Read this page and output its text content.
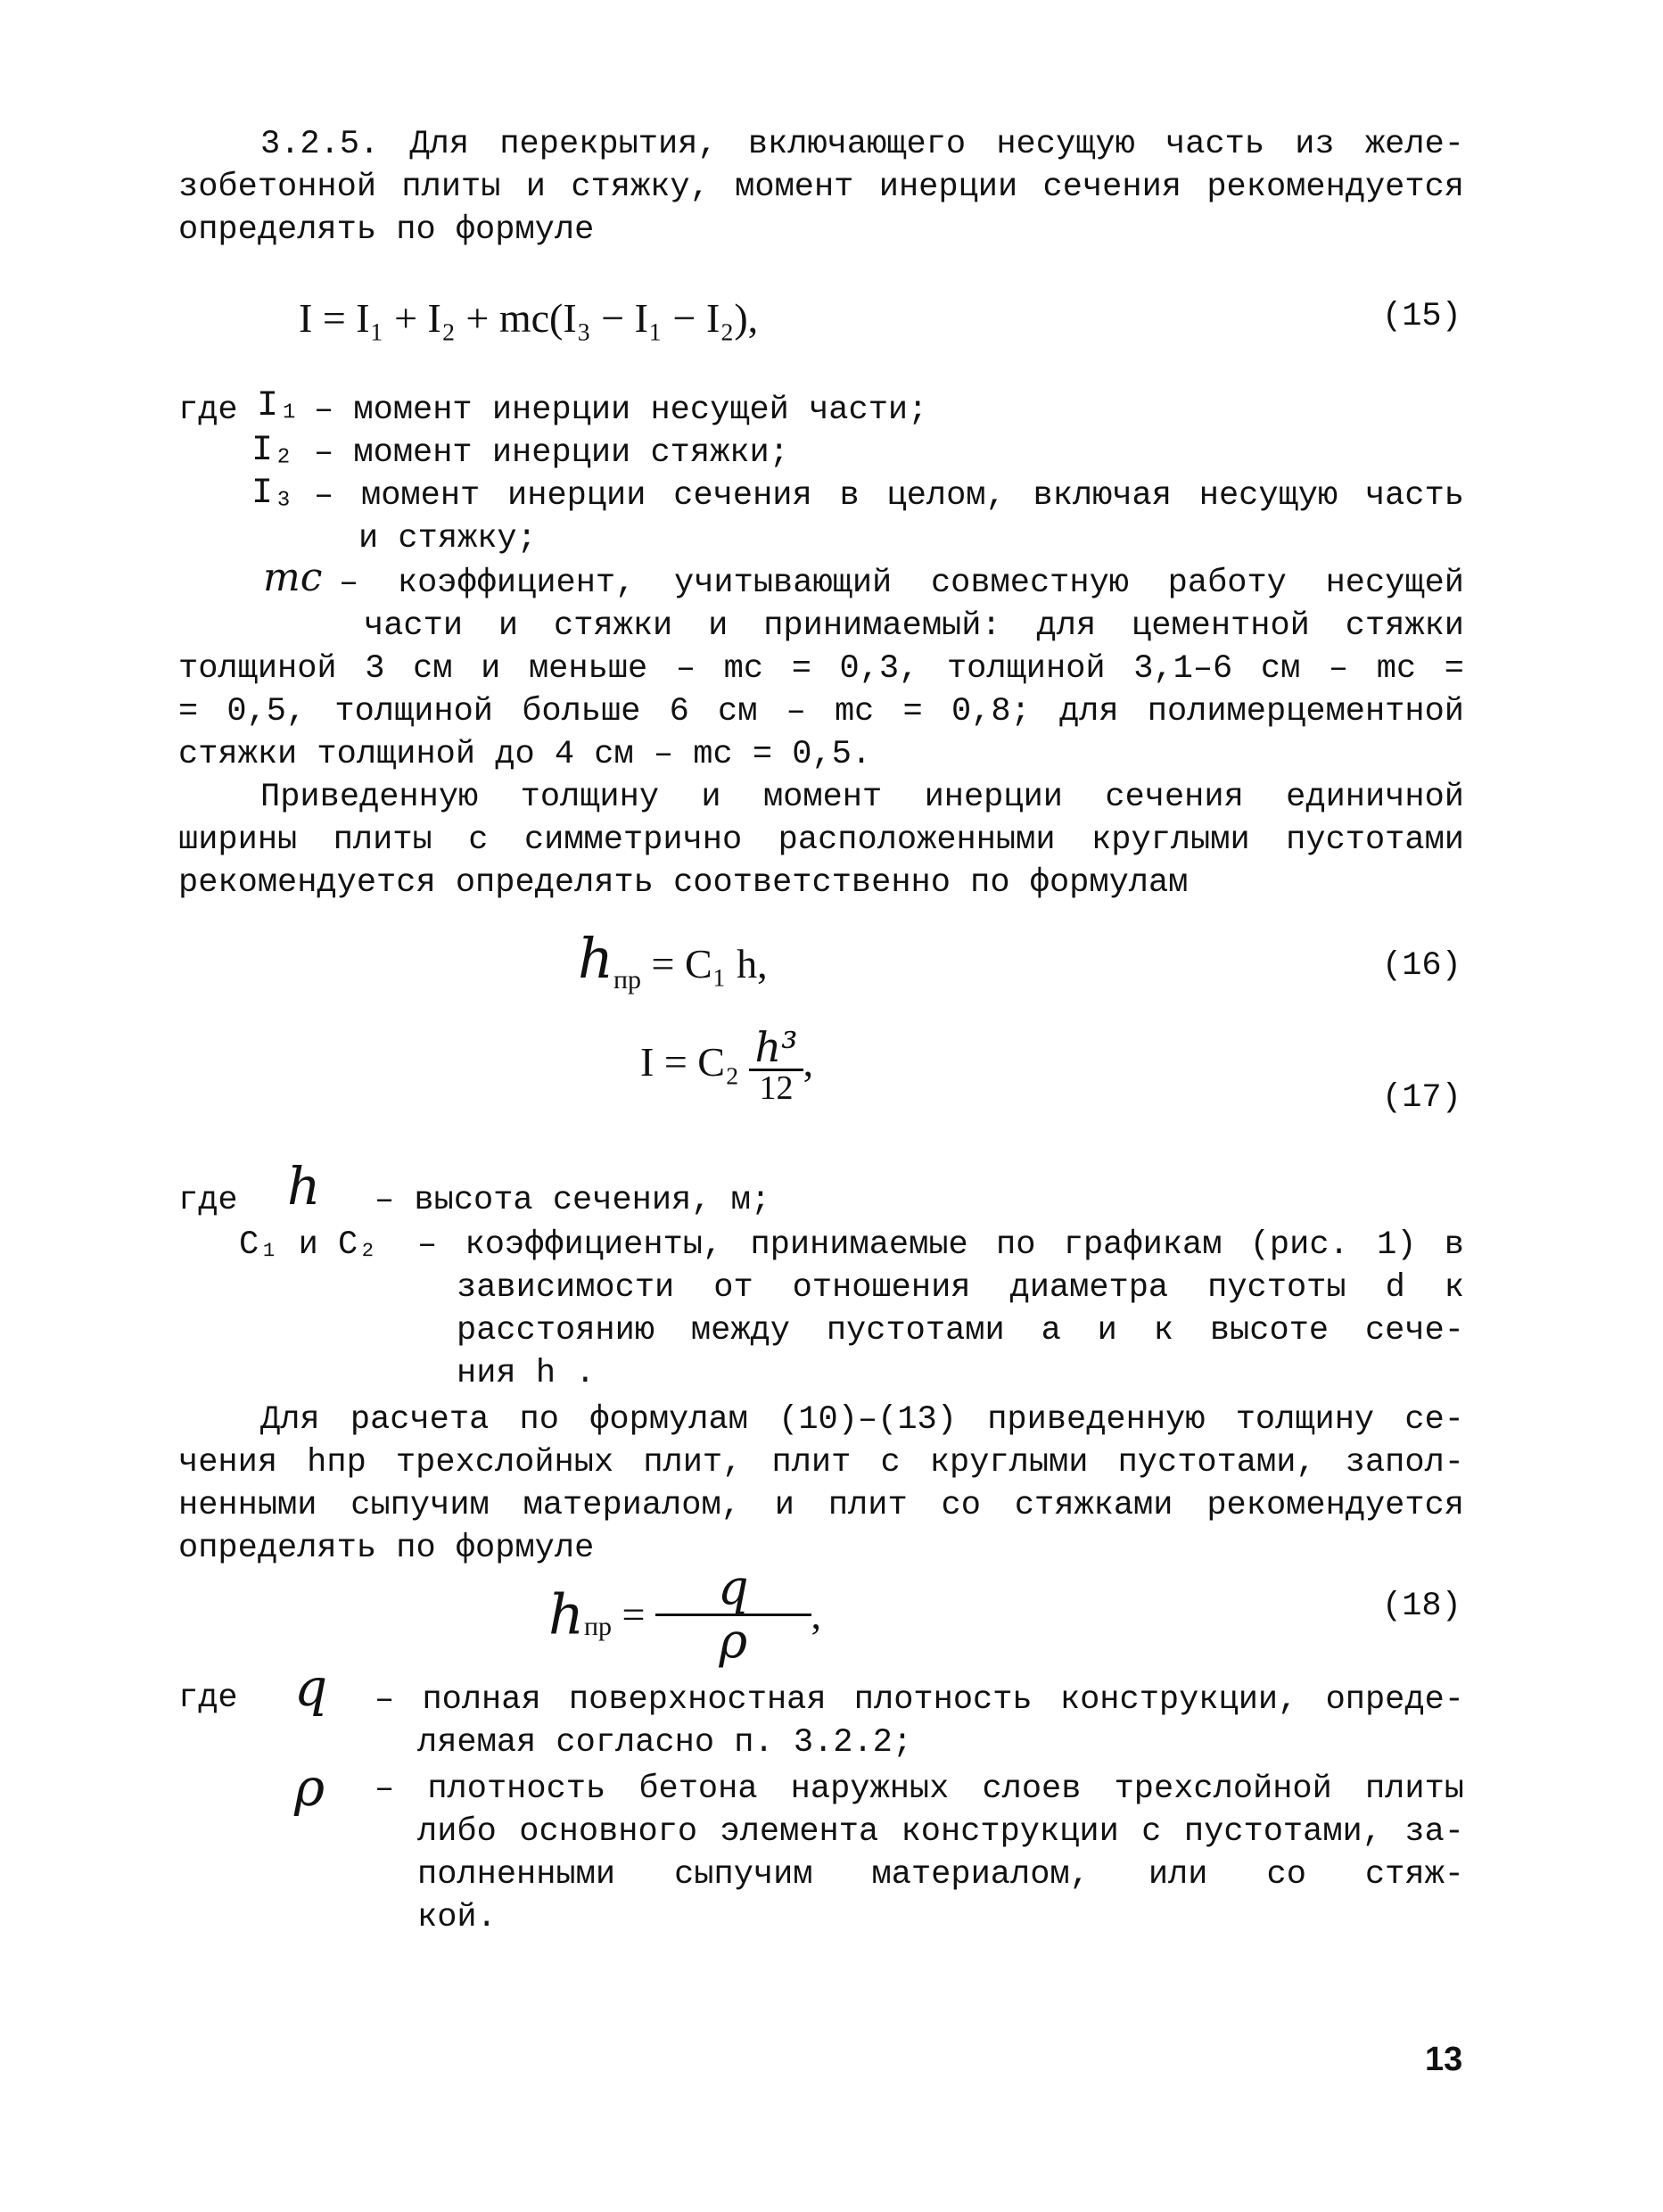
3.2.5. Для перекрытия, включающего несущую часть из желе-
зобетонной плиты и стяжку, момент инерции сечения рекомендуется
определять по формуле
I = I₁ + I₂ + mc(I₃ − I₁ − I₂),	(15)
где I₁ – момент инерции несущей части;
I₂ – момент инерции стяжки;
I₃ – момент инерции сечения в целом, включая несущую часть
и стяжку;
mc – коэффициент, учитывающий совместную работу несущей
части и стяжки и принимаемый: для цементной стяжки
толщиной 3 см и меньше – mc = 0,3, толщиной 3,1–6 см – mc =
= 0,5, толщиной больше 6 см – mc = 0,8; для полимерцементной
стяжки толщиной до 4 см – mc = 0,5.
Приведенную толщину и момент инерции сечения единичной
ширины плиты с симметрично расположенными круглыми пустотами
рекомендуется определять соответственно по формулам
$h_{пр} = C_1$ h,	(16)
$I = C_2 \frac{\text{h³}}{12}$ ,
(17)
где h – высота сечения, м;
C₁ и C₂ – коэффициенты, принимаемые по графикам (рис. 1) в
зависимости от отношения диаметра пустоты d к
расстоянию между пустотами a и к высоте сече-
ния h .
Для расчета по формулам (10)–(13) приведенную толщину се-
чения hпр трехслойных плит, плит с круглыми пустотами, запол-
ненными сыпучим материалом, и плит со стяжками рекомендуется
определять по формуле
$h_{пр} = \frac{q}{\rho}$ ,	(18)
где q – полная поверхностная плотность конструкции, опреде-
ляемая согласно п. 3.2.2;
ρ – плотность бетона наружных слоев трехслойной плиты
либо основного элемента конструкции с пустотами, за-
полненными сыпучим материалом, или со стяж-
кой.
13
